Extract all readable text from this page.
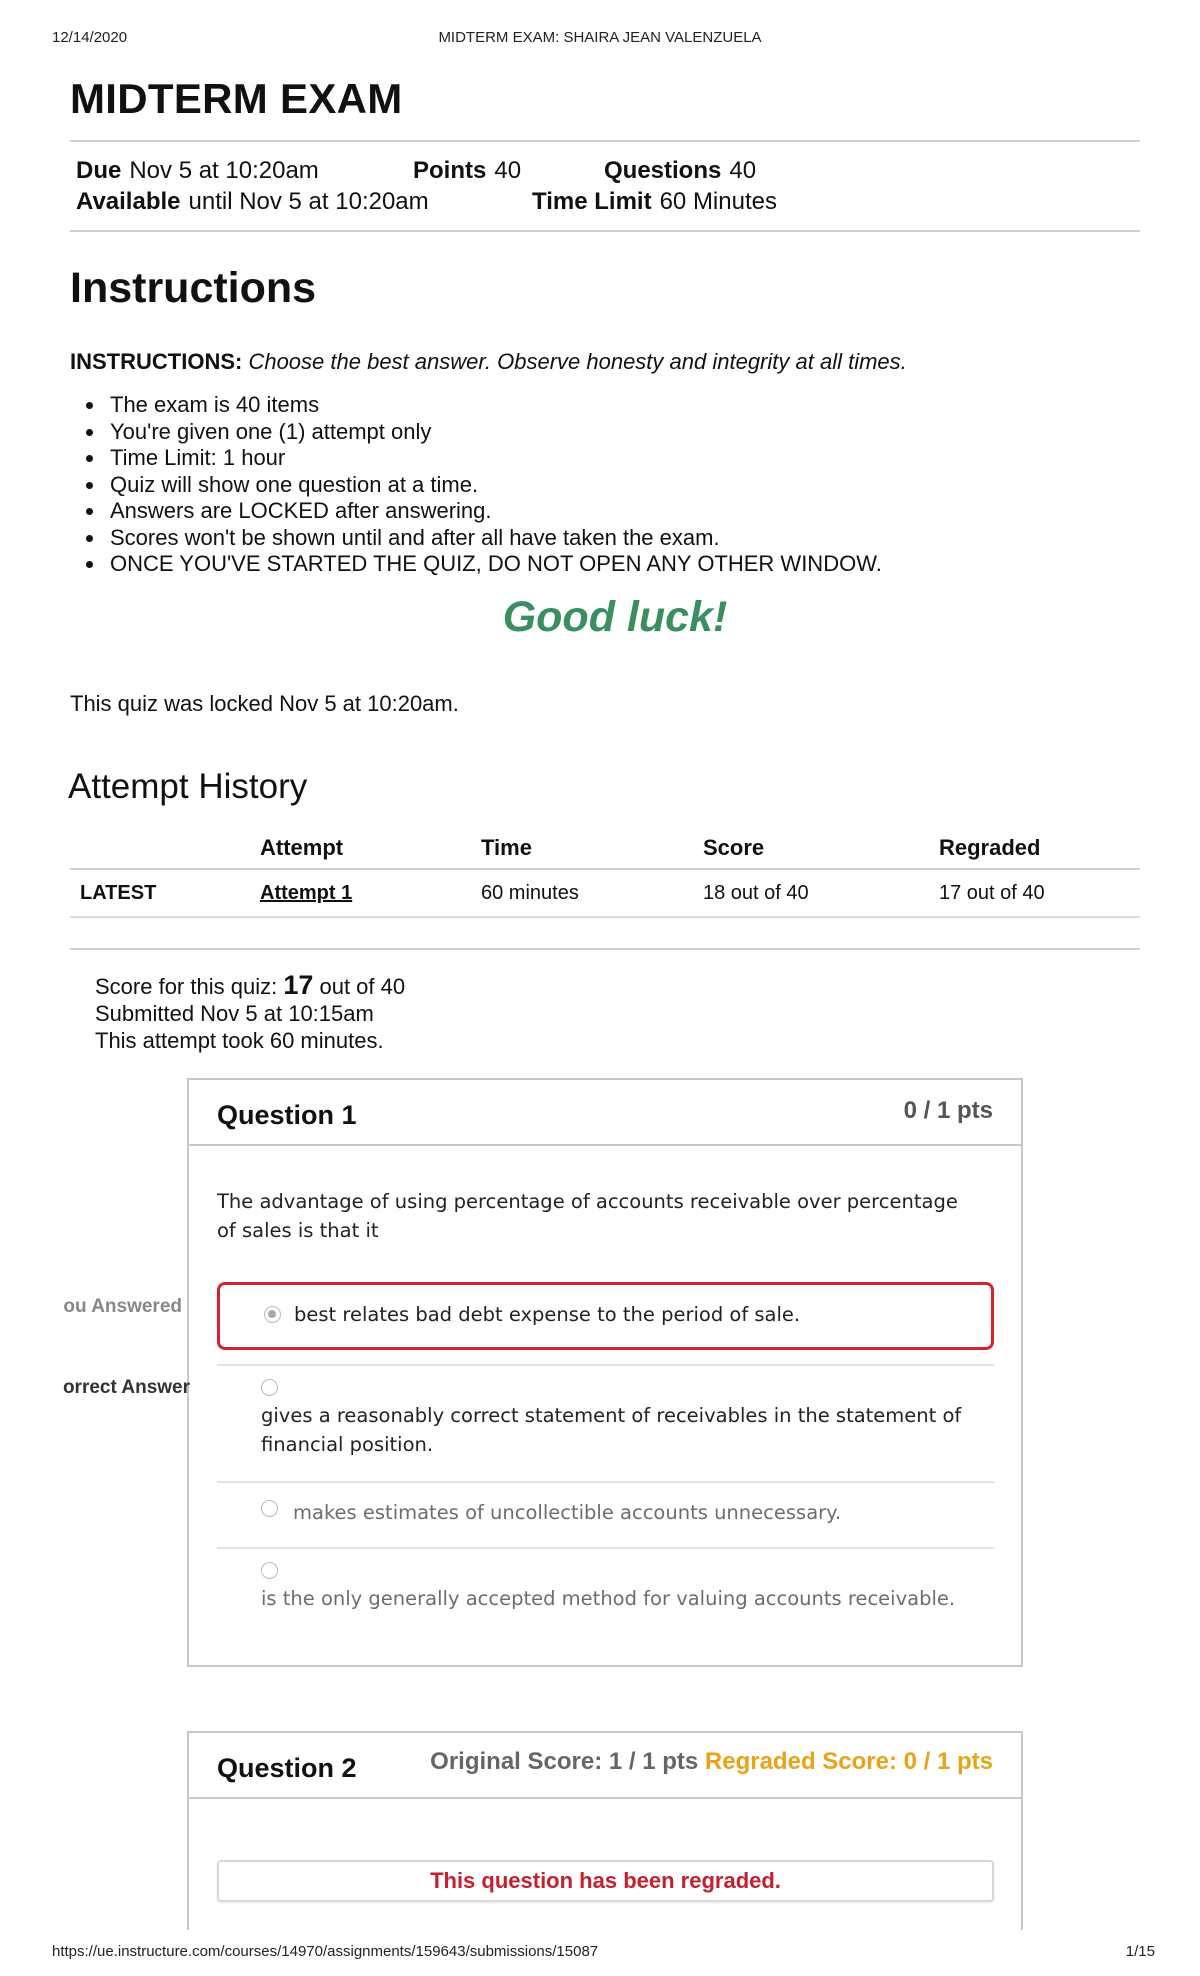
12/14/2020	MIDTERM EXAM: SHAIRA JEAN VALENZUELA
MIDTERM EXAM
Due Nov 5 at 10:20am	Points 40	Questions 40
Available until Nov 5 at 10:20am	Time Limit 60 Minutes
Instructions
INSTRUCTIONS: Choose the best answer. Observe honesty and integrity at all times.
• The exam is 40 items
• You're given one (1) attempt only
• Time Limit: 1 hour
• Quiz will show one question at a time.
• Answers are LOCKED after answering.
• Scores won't be shown until and after all have taken the exam.
• ONCE YOU'VE STARTED THE QUIZ, DO NOT OPEN ANY OTHER WINDOW.
Good luck!
This quiz was locked Nov 5 at 10:20am.
Attempt History
	Attempt	Time	Score	Regraded
LATEST	Attempt 1	60 minutes	18 out of 40	17 out of 40
Score for this quiz: 17 out of 40
Submitted Nov 5 at 10:15am
This attempt took 60 minutes.
Question 1	0 / 1 pts
The advantage of using percentage of accounts receivable over percentage of sales is that it
best relates bad debt expense to the period of sale.
gives a reasonably correct statement of receivables in the statement of financial position.
makes estimates of uncollectible accounts unnecessary.
is the only generally accepted method for valuing accounts receivable.
ou Answered
orrect Answer
Question 2	Original Score: 1 / 1 pts Regraded Score: 0 / 1 pts
This question has been regraded.
https://ue.instructure.com/courses/14970/assignments/159643/submissions/15087	1/15
